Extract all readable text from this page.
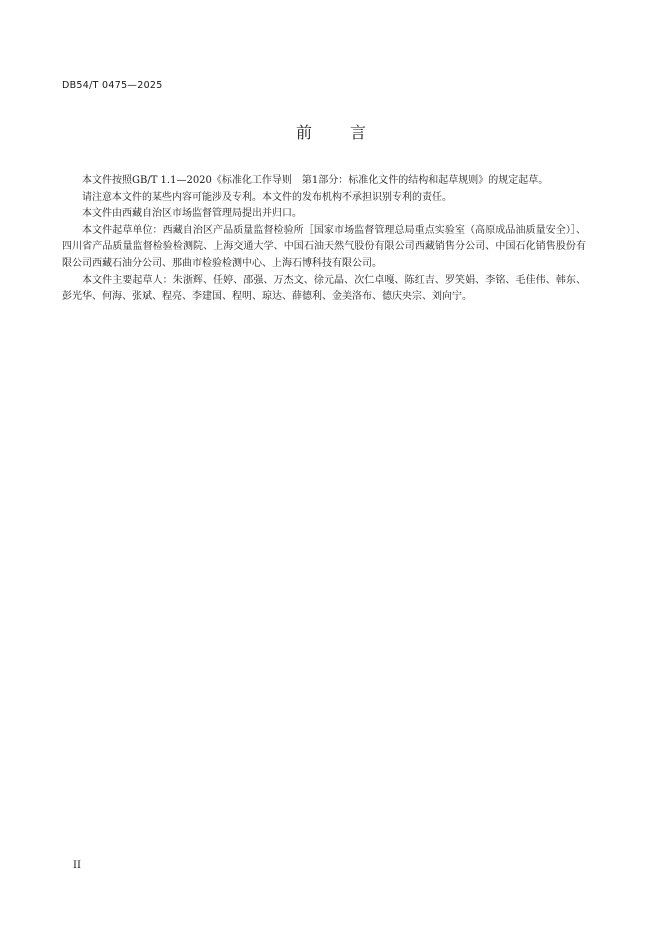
DB54/T 0475—2025
前言

本文件按照GB/T 1.1—2020《标准化工作导则　第1部分：标准化文件的结构和起草规则》的规定起草。

请注意本文件的某些内容可能涉及专利。本文件的发布机构不承担识别专利的责任。

本文件由西藏自治区市场监督管理局提出并归口。

本文件起草单位：西藏自治区产品质量监督检验所［国家市场监督管理总局重点实验室（高原成品油质量安全）］、四川省产品质量监督检验检测院、上海交通大学、中国石油天然气股份有限公司西藏销售分公司、中国石化销售股份有限公司西藏石油分公司、那曲市检验检测中心、上海石博科技有限公司。

本文件主要起草人：朱浙辉、任婷、邵强、万杰文、徐元晶、次仁卓嘎、陈红吉、罗笑娟、李铭、毛佳伟、韩东、彭光华、何海、张斌、程亮、李建国、程明、琼达、薛德利、金美洛布、德庆央宗、刘向宁。

II
